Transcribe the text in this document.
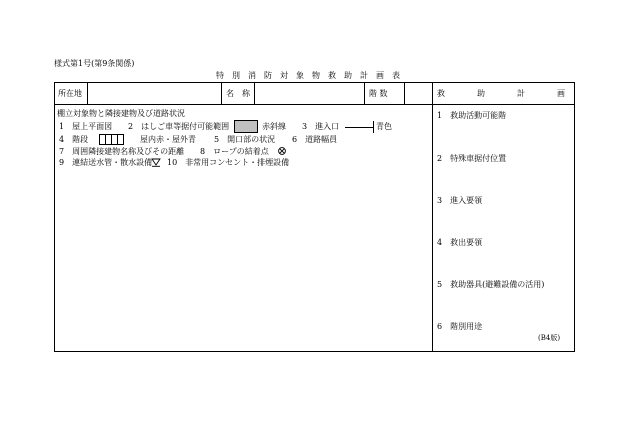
様式第1号(第9条関係)
特　別　消　防　対　象　物　救　助　計　画　表
所在地	名　称	階 数	救　　　　助　　　　計　　　　画
棚立対象物と隣接建物及び道路状況
1　屋上平面図 2　はしご車等据付可能範囲	赤斜線 3　進入口	青色
4　階段	屋内赤・屋外青 5　開口部の状況 6　道路幅員
7　周囲隣接建物名称及びその距離 8　ロープの結着点
9　連結送水管・散水設備 10　非常用コンセント・排煙設備
1　救助活動可能階
2　特殊車据付位置
3　進入要領
4　救出要領
5　救助器具(避難設備の活用)
6　階別用途
(B4版)
